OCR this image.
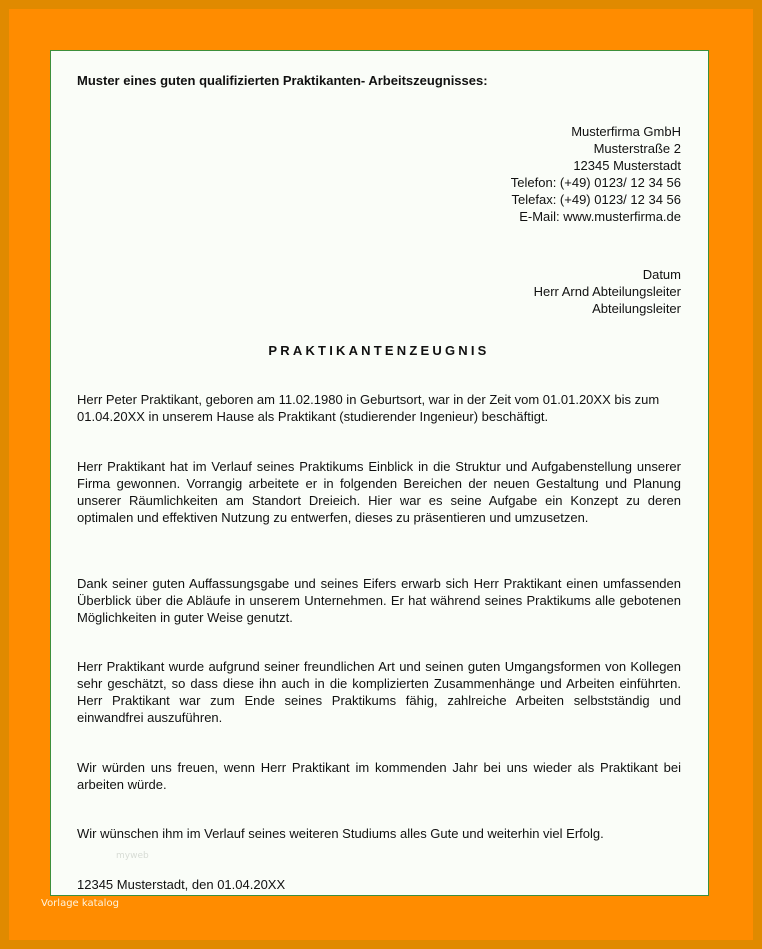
Muster eines guten qualifizierten Praktikanten- Arbeitszeugnisses:
Musterfirma GmbH
Musterstraße 2
12345 Musterstadt
Telefon: (+49) 0123/ 12 34 56
Telefax: (+49) 0123/ 12 34 56
E-Mail: www.musterfirma.de
Datum
Herr Arnd Abteilungsleiter
Abteilungsleiter
PRAKTIKANTENZEUGNIS

Herr Peter Praktikant, geboren am 11.02.1980 in Geburtsort, war in der Zeit vom 01.01.20XX bis zum 01.04.20XX in unserem Hause als Praktikant (studierender Ingenieur) beschäftigt.

Herr Praktikant hat im Verlauf seines Praktikums Einblick in die Struktur und Aufgabenstellung unserer Firma gewonnen. Vorrangig arbeitete er in folgenden Bereichen der neuen Gestaltung und Planung unserer Räumlichkeiten am Standort Dreieich. Hier war es seine Aufgabe ein Konzept zu deren optimalen und effektiven Nutzung zu entwerfen, dieses zu präsentieren und umzusetzen.

Dank seiner guten Auffassungsgabe und seines Eifers erwarb sich Herr Praktikant einen umfassenden Überblick über die Abläufe in unserem Unternehmen. Er hat während seines Praktikums alle gebotenen Möglichkeiten in guter Weise genutzt.

Herr Praktikant wurde aufgrund seiner freundlichen Art und seinen guten Umgangsformen von Kollegen sehr geschätzt, so dass diese ihn auch in die komplizierten Zusammenhänge und Arbeiten einführten. Herr Praktikant war zum Ende seines Praktikums fähig, zahlreiche Arbeiten selbstständig und einwandfrei auszuführen.

Wir würden uns freuen, wenn Herr Praktikant im kommenden Jahr bei uns wieder als Praktikant bei arbeiten würde.

Wir wünschen ihm im Verlauf seines weiteren Studiums alles Gute und weiterhin viel Erfolg.

myweb
12345 Musterstadt, den 01.04.20XX
Vorlage katalog
